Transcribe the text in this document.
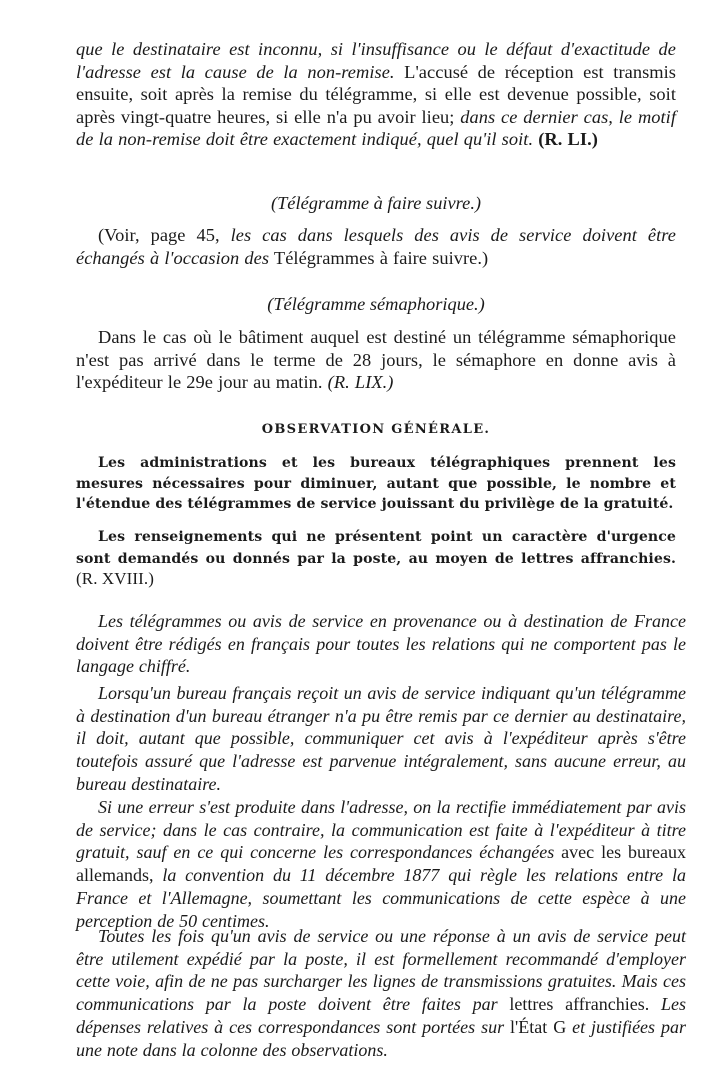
que le destinataire est inconnu, si l'insuffisance ou le défaut d'exactitude de l'adresse est la cause de la non-remise. L'accusé de réception est transmis ensuite, soit après la remise du télégramme, si elle est devenue possible, soit après vingt-quatre heures, si elle n'a pu avoir lieu; dans ce dernier cas, le motif de la non-remise doit être exactement indiqué, quel qu'il soit. (R. LI.)

(Télégramme à faire suivre.)

(Voir, page 45, les cas dans lesquels des avis de service doivent être échangés à l'occasion des Télégrammes à faire suivre.)

(Télégramme sémaphorique.)

Dans le cas où le bâtiment auquel est destiné un télégramme sémaphorique n'est pas arrivé dans le terme de 28 jours, le sémaphore en donne avis à l'expéditeur le 29e jour au matin. (R. LIX.)

OBSERVATION GÉNÉRALE.

Les administrations et les bureaux télégraphiques prennent les mesures nécessaires pour diminuer, autant que possible, le nombre et l'étendue des télégrammes de service jouissant du privilège de la gratuité.

Les renseignements qui ne présentent point un caractère d'urgence sont demandés ou donnés par la poste, au moyen de lettres affranchies. (R. XVIII.)

Les télégrammes ou avis de service en provenance ou à destination de France doivent être rédigés en français pour toutes les relations qui ne comportent pas le langage chiffré.

Lorsqu'un bureau français reçoit un avis de service indiquant qu'un télégramme à destination d'un bureau étranger n'a pu être remis par ce dernier au destinataire, il doit, autant que possible, communiquer cet avis à l'expéditeur après s'être toutefois assuré que l'adresse est parvenue intégralement, sans aucune erreur, au bureau destinataire.

Si une erreur s'est produite dans l'adresse, on la rectifie immédiatement par avis de service; dans le cas contraire, la communication est faite à l'expéditeur à titre gratuit, sauf en ce qui concerne les correspondances échangées avec les bureaux allemands, la convention du 11 décembre 1877 qui règle les relations entre la France et l'Allemagne, soumettant les communications de cette espèce à une perception de 50 centimes.

Toutes les fois qu'un avis de service ou une réponse à un avis de service peut être utilement expédié par la poste, il est formellement recommandé d'employer cette voie, afin de ne pas surcharger les lignes de transmissions gratuites. Mais ces communications par la poste doivent être faites par lettres affranchies. Les dépenses relatives à ces correspondances sont portées sur l'État G et justifiées par une note dans la colonne des observations.
